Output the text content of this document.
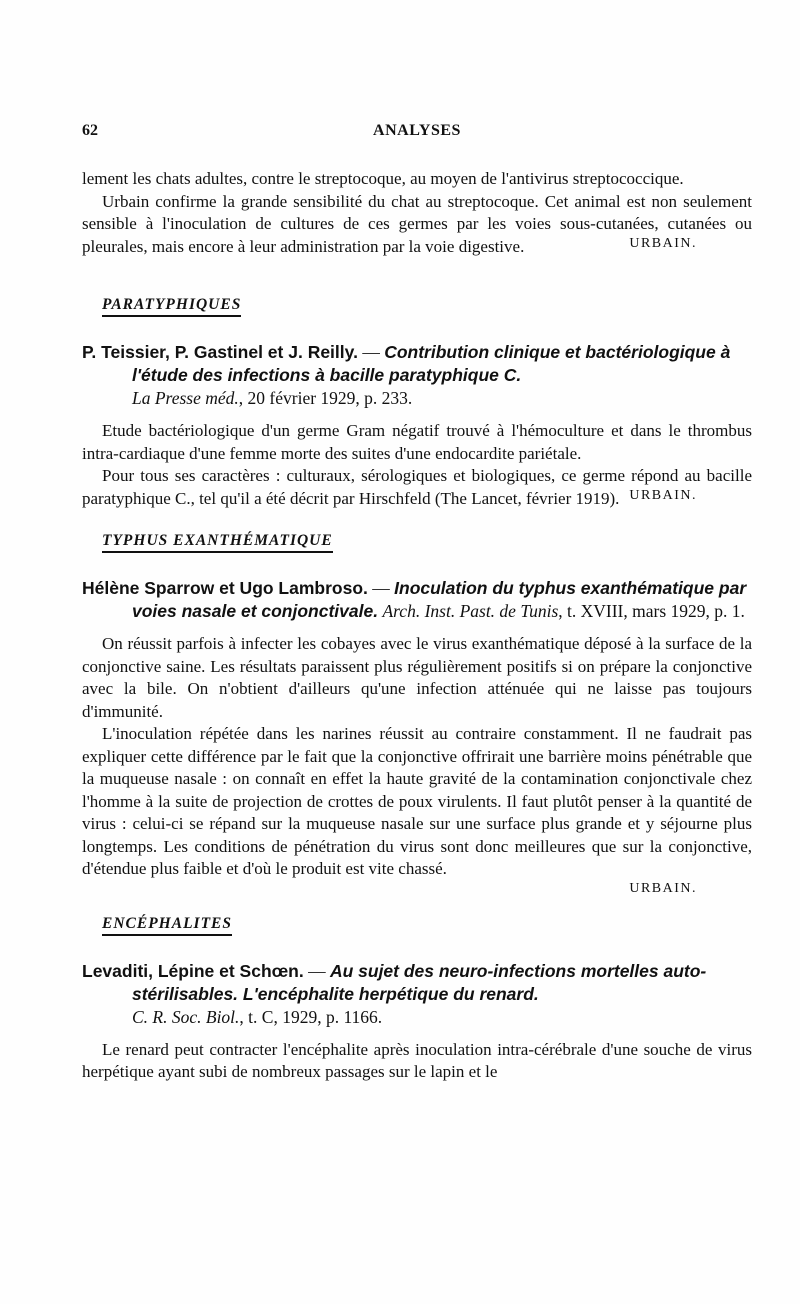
62	ANALYSES

lement les chats adultes, contre le streptocoque, au moyen de l'antivirus streptococcique.

Urbain confirme la grande sensibilité du chat au streptocoque. Cet animal est non seulement sensible à l'inoculation de cultures de ces germes par les voies sous-cutanées, cutanées ou pleurales, mais encore à leur administration par la voie digestive.	URBAIN.
PARATYPHIQUES

P. Teissier, P. Gastinel et J. Reilly. — Contribution clinique et bactériologique à l'étude des infections à bacille paratyphique C.
La Presse méd., 20 février 1929, p. 233.

Etude bactériologique d'un germe Gram négatif trouvé à l'hémoculture et dans le thrombus intra-cardiaque d'une femme morte des suites d'une endocardite pariétale.

Pour tous ses caractères : culturaux, sérologiques et biologiques, ce germe répond au bacille paratyphique C., tel qu'il a été décrit par Hirschfeld (The Lancet, février 1919). URBAIN.
TYPHUS EXANTHÉMATIQUE

Hélène Sparrow et Ugo Lambroso. — Inoculation du typhus exanthématique par voies nasale et conjonctivale. Arch. Inst. Past. de Tunis, t. XVIII, mars 1929, p. 1.

On réussit parfois à infecter les cobayes avec le virus exanthématique déposé à la surface de la conjonctive saine. Les résultats paraissent plus régulièrement positifs si on prépare la conjonctive avec la bile. On n'obtient d'ailleurs qu'une infection atténuée qui ne laisse pas toujours d'immunité.

L'inoculation répétée dans les narines réussit au contraire constamment. Il ne faudrait pas expliquer cette différence par le fait que la conjonctive offrirait une barrière moins pénétrable que la muqueuse nasale : on connaît en effet la haute gravité de la contamination conjonctivale chez l'homme à la suite de projection de crottes de poux virulents. Il faut plutôt penser à la quantité de virus : celui-ci se répand sur la muqueuse nasale sur une surface plus grande et y séjourne plus longtemps. Les conditions de pénétration du virus sont donc meilleures que sur la conjonctive, d'étendue plus faible et d'où le produit est vite chassé.

URBAIN.
ENCÉPHALITES

Levaditi, Lépine et Schœn. — Au sujet des neuro-infections mortelles auto-stérilisables. L'encéphalite herpétique du renard.
C. R. Soc. Biol., t. C, 1929, p. 1166.

Le renard peut contracter l'encéphalite après inoculation intra-cérébrale d'une souche de virus herpétique ayant subi de nombreux passages sur le lapin et le
